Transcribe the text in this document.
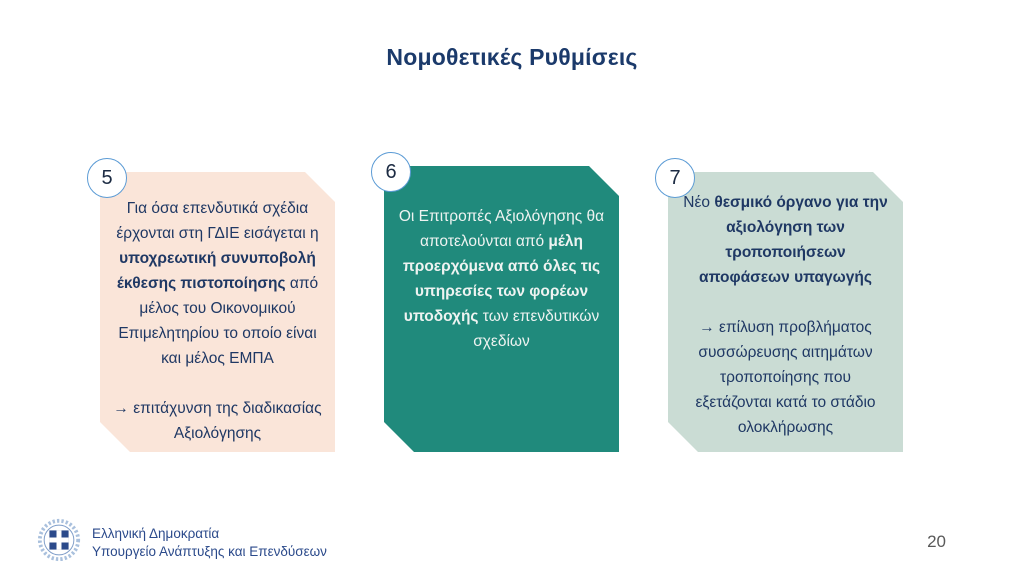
Νομοθετικές Ρυθμίσεις
5

Για όσα επενδυτικά σχέδια έρχονται στη ΓΔΙΕ εισάγεται η υποχρεωτική συνυποβολή έκθεσης πιστοποίησης από μέλος του Οικονομικού Επιμελητηρίου το οποίο είναι και μέλος ΕΜΠΑ

→ επιτάχυνση της διαδικασίας Αξιολόγησης

6

Οι Επιτροπές Αξιολόγησης θα αποτελούνται από μέλη προερχόμενα από όλες τις υπηρεσίες των φορέων υποδοχής των επενδυτικών σχεδίων

7

Νέο θεσμικό όργανο για την αξιολόγηση των τροποποιήσεων αποφάσεων υπαγωγής

→ επίλυση προβλήματος συσσώρευσης αιτημάτων τροποποίησης που εξετάζονται κατά το στάδιο ολοκλήρωσης

Ελληνική Δημοκρατία
Υπουργείο Ανάπτυξης και Επενδύσεων	20
